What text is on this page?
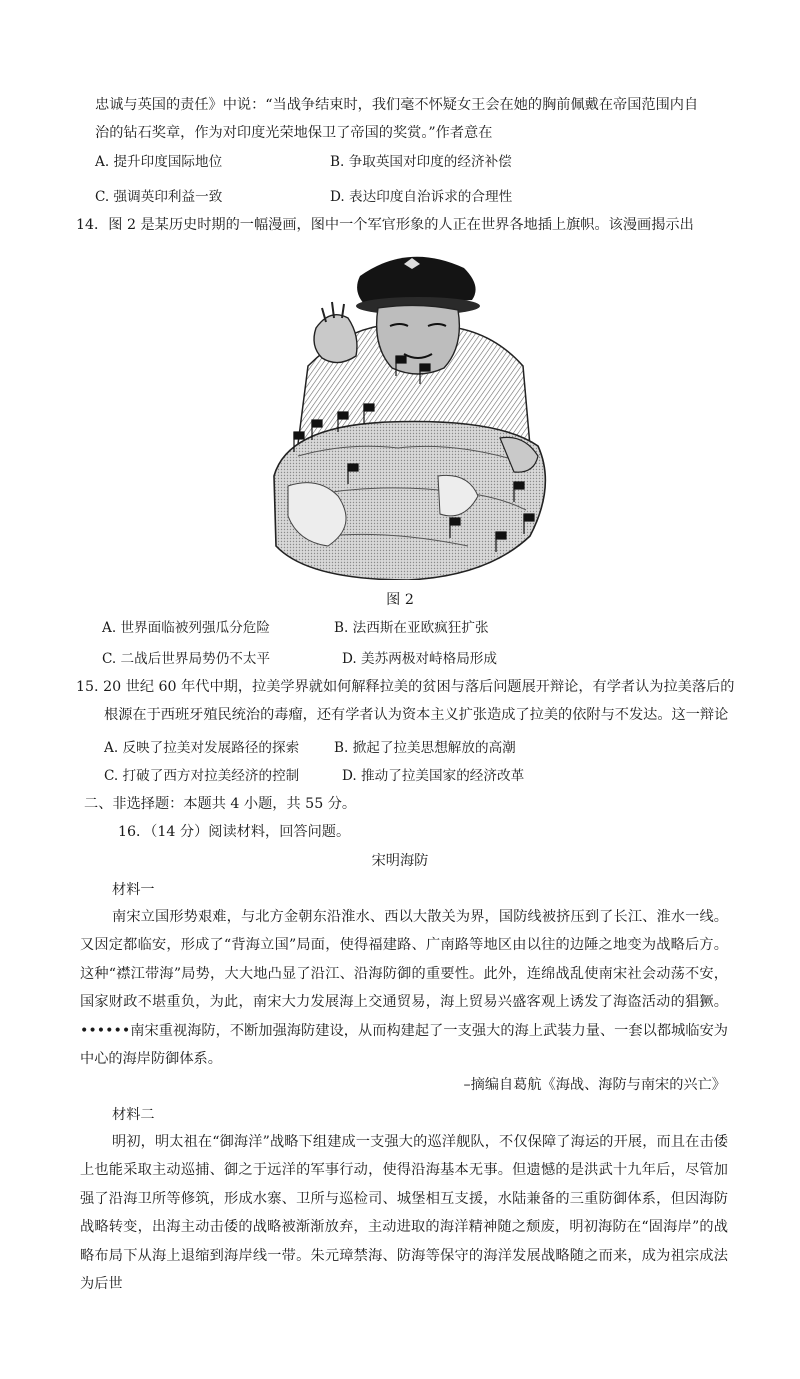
忠诚与英国的责任》中说：“当战争结束时，我们毫不怀疑女王会在她的胸前佩戴在帝国范围内自
治的钻石奖章，作为对印度光荣地保卫了帝国的奖赏。”作者意在
A. 提升印度国际地位	B. 争取英国对印度的经济补偿
C. 强调英印利益一致	D. 表达印度自治诉求的合理性
14．图 2 是某历史时期的一幅漫画，图中一个军官形象的人正在世界各地插上旗帜。该漫画揭示出
图 2
A. 世界面临被列强瓜分危险	B. 法西斯在亚欧疯狂扩张
C. 二战后世界局势仍不太平	D. 美苏两极对峙格局形成
15. 20 世纪 60 年代中期，拉美学界就如何解释拉美的贫困与落后问题展开辩论，有学者认为拉美落后的
根源在于西班牙殖民统治的毒瘤，还有学者认为资本主义扩张造成了拉美的依附与不发达。这一辩论
A. 反映了拉美对发展路径的探索	B. 掀起了拉美思想解放的高潮
C. 打破了西方对拉美经济的控制	D. 推动了拉美国家的经济改革
二、非选择题：本题共 4 小题，共 55 分。
16．（14 分）阅读材料，回答问题。
宋明海防
材料一
南宋立国形势艰难，与北方金朝东沿淮水、西以大散关为界，国防线被挤压到了长江、淮水一线。又因定都临安，形成了“背海立国”局面，使得福建路、广南路等地区由以往的边陲之地变为战略后方。这种“襟江带海”局势，大大地凸显了沿江、沿海防御的重要性。此外，连绵战乱使南宋社会动荡不安，国家财政不堪重负，为此，南宋大力发展海上交通贸易，海上贸易兴盛客观上诱发了海盗活动的猖獗。••••••南宋重视海防，不断加强海防建设，从而构建起了一支强大的海上武装力量、一套以都城临安为中心的海岸防御体系。
–摘编自葛航《海战、海防与南宋的兴亡》
材料二
明初，明太祖在“御海洋”战略下组建成一支强大的巡洋舰队，不仅保障了海运的开展，而且在击倭上也能采取主动巡捕、御之于远洋的军事行动，使得沿海基本无事。但遗憾的是洪武十九年后，尽管加强了沿海卫所等修筑，形成水寨、卫所与巡检司、城堡相互支援，水陆兼备的三重防御体系，但因海防战略转变，出海主动击倭的战略被渐渐放弃，主动进取的海洋精神随之颓废，明初海防在“固海岸”的战略布局下从海上退缩到海岸线一带。朱元璋禁海、防海等保守的海洋发展战略随之而来，成为祖宗成法为后世
